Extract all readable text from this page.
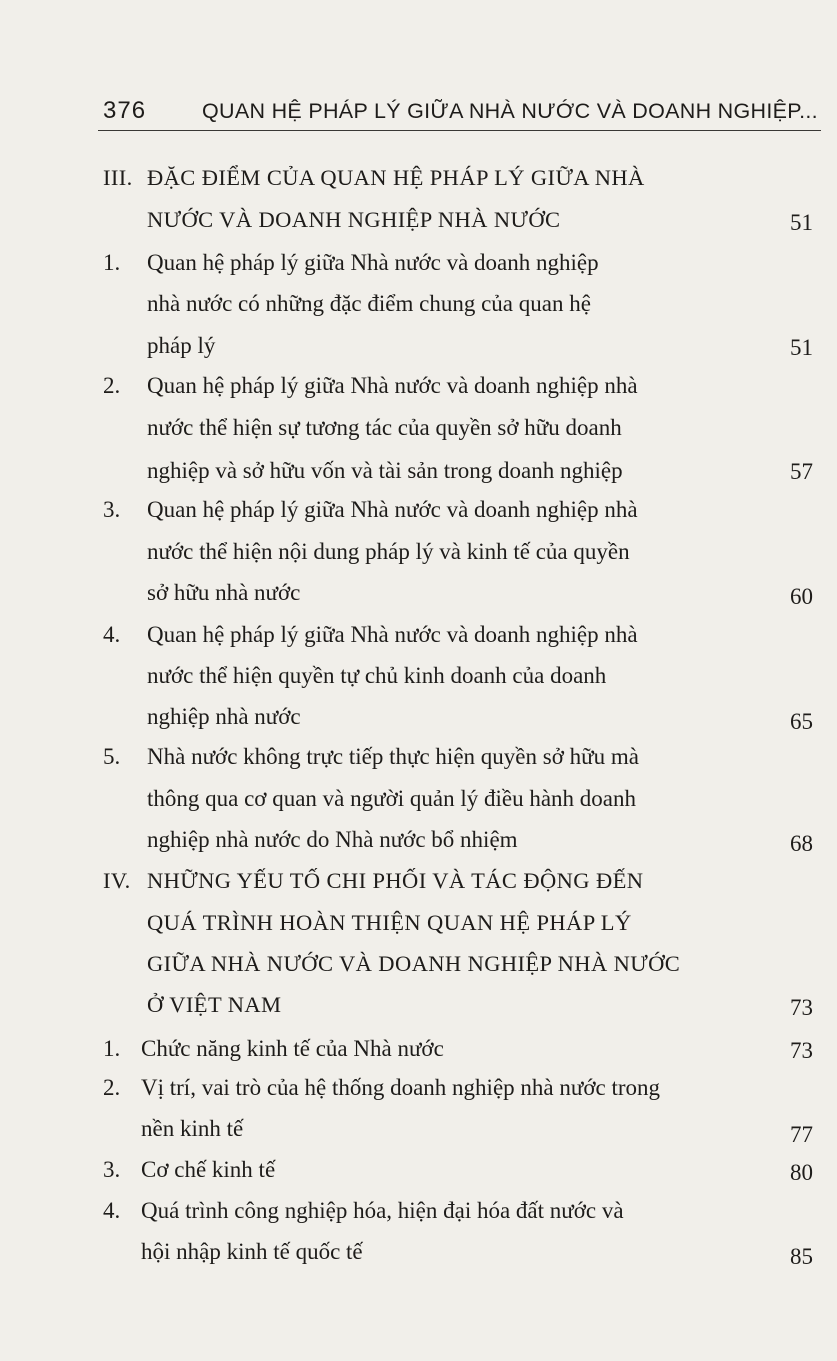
376	QUAN HỆ PHÁP LÝ GIỮA NHÀ NƯỚC VÀ DOANH NGHIỆP...
III. ĐẶC ĐIỂM CỦA QUAN HỆ PHÁP LÝ GIỮA NHÀ
NƯỚC VÀ DOANH NGHIỆP NHÀ NƯỚC	51
1. Quan hệ pháp lý giữa Nhà nước và doanh nghiệp
nhà nước có những đặc điểm chung của quan hệ
pháp lý	51
2. Quan hệ pháp lý giữa Nhà nước và doanh nghiệp nhà
nước thể hiện sự tương tác của quyền sở hữu doanh
nghiệp và sở hữu vốn và tài sản trong doanh nghiệp	57
3. Quan hệ pháp lý giữa Nhà nước và doanh nghiệp nhà
nước thể hiện nội dung pháp lý và kinh tế của quyền
sở hữu nhà nước	60
4. Quan hệ pháp lý giữa Nhà nước và doanh nghiệp nhà
nước thể hiện quyền tự chủ kinh doanh của doanh
nghiệp nhà nước	65
5. Nhà nước không trực tiếp thực hiện quyền sở hữu mà
thông qua cơ quan và người quản lý điều hành doanh
nghiệp nhà nước do Nhà nước bổ nhiệm	68
IV. NHỮNG YẾU TỐ CHI PHỐI VÀ TÁC ĐỘNG ĐẾN
QUÁ TRÌNH HOÀN THIỆN QUAN HỆ PHÁP LÝ
GIỮA NHÀ NƯỚC VÀ DOANH NGHIỆP NHÀ NƯỚC
Ở VIỆT NAM	73
1. Chức năng kinh tế của Nhà nước	73
2. Vị trí, vai trò của hệ thống doanh nghiệp nhà nước trong
nền kinh tế	77
3. Cơ chế kinh tế	80
4. Quá trình công nghiệp hóa, hiện đại hóa đất nước và
hội nhập kinh tế quốc tế	85
